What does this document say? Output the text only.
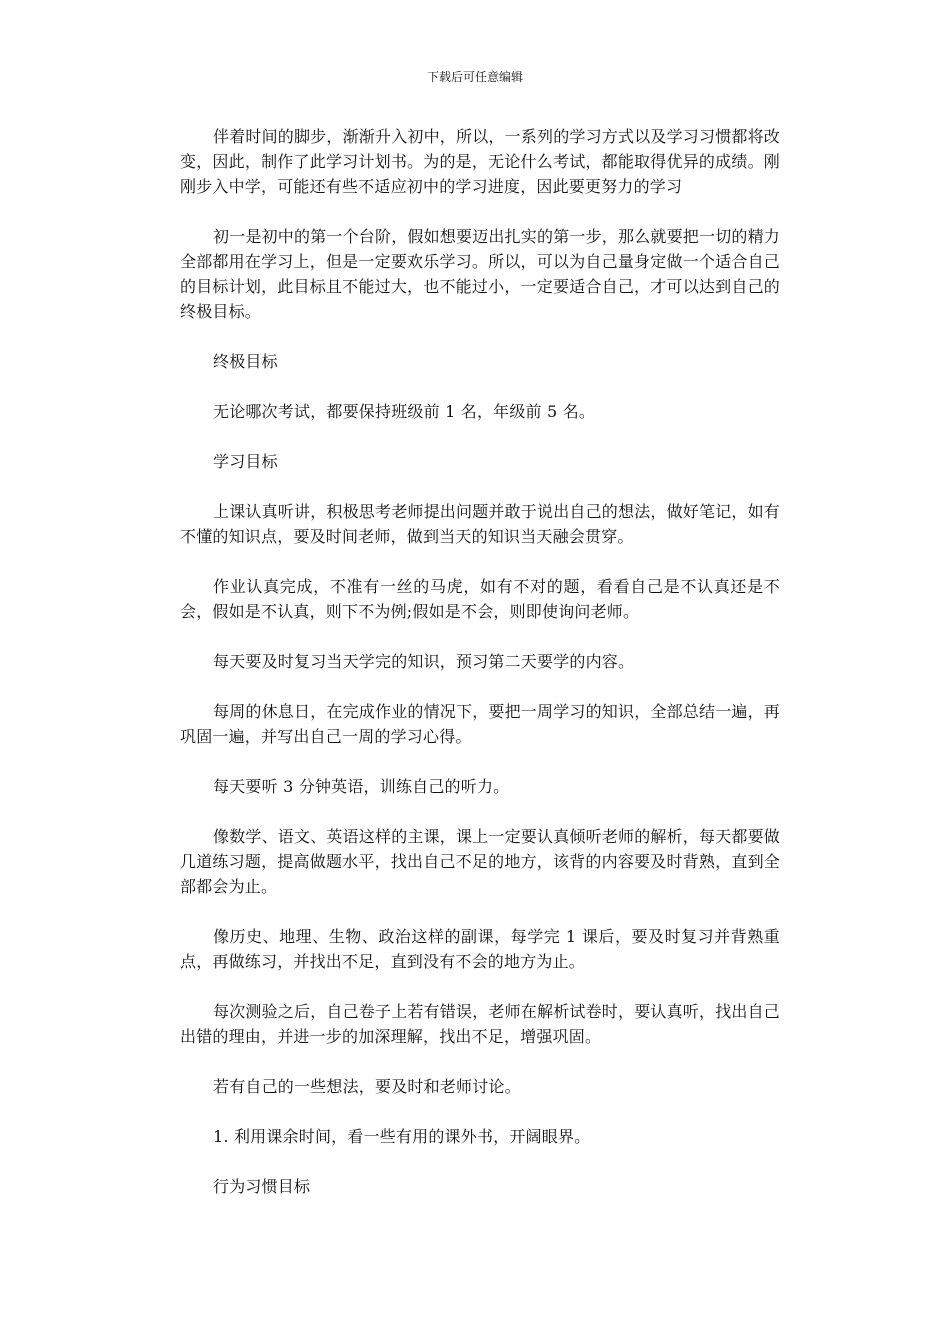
下载后可任意编辑

伴着时间的脚步，渐渐升入初中，所以，一系列的学习方式以及学习习惯都将改变，因此，制作了此学习计划书。为的是，无论什么考试，都能取得优异的成绩。刚刚步入中学，可能还有些不适应初中的学习进度，因此要更努力的学习

初一是初中的第一个台阶，假如想要迈出扎实的第一步，那么就要把一切的精力全部都用在学习上，但是一定要欢乐学习。所以，可以为自己量身定做一个适合自己的目标计划，此目标且不能过大，也不能过小，一定要适合自己，才可以达到自己的终极目标。

终极目标

无论哪次考试，都要保持班级前 1 名，年级前 5 名。

学习目标

上课认真听讲，积极思考老师提出问题并敢于说出自己的想法，做好笔记，如有不懂的知识点，要及时间老师，做到当天的知识当天融会贯穿。

作业认真完成，不准有一丝的马虎，如有不对的题，看看自己是不认真还是不会，假如是不认真，则下不为例;假如是不会，则即使询问老师。

每天要及时复习当天学完的知识，预习第二天要学的内容。

每周的休息日，在完成作业的情况下，要把一周学习的知识，全部总结一遍，再巩固一遍，并写出自己一周的学习心得。

每天要听 3 分钟英语，训练自己的听力。

像数学、语文、英语这样的主课，课上一定要认真倾听老师的解析，每天都要做几道练习题，提高做题水平，找出自己不足的地方，该背的内容要及时背熟，直到全部都会为止。

像历史、地理、生物、政治这样的副课，每学完 1 课后，要及时复习并背熟重点，再做练习，并找出不足，直到没有不会的地方为止。

每次测验之后，自己卷子上若有错误，老师在解析试卷时，要认真听，找出自己出错的理由，并进一步的加深理解，找出不足，增强巩固。

若有自己的一些想法，要及时和老师讨论。

1. 利用课余时间，看一些有用的课外书，开阔眼界。

行为习惯目标
